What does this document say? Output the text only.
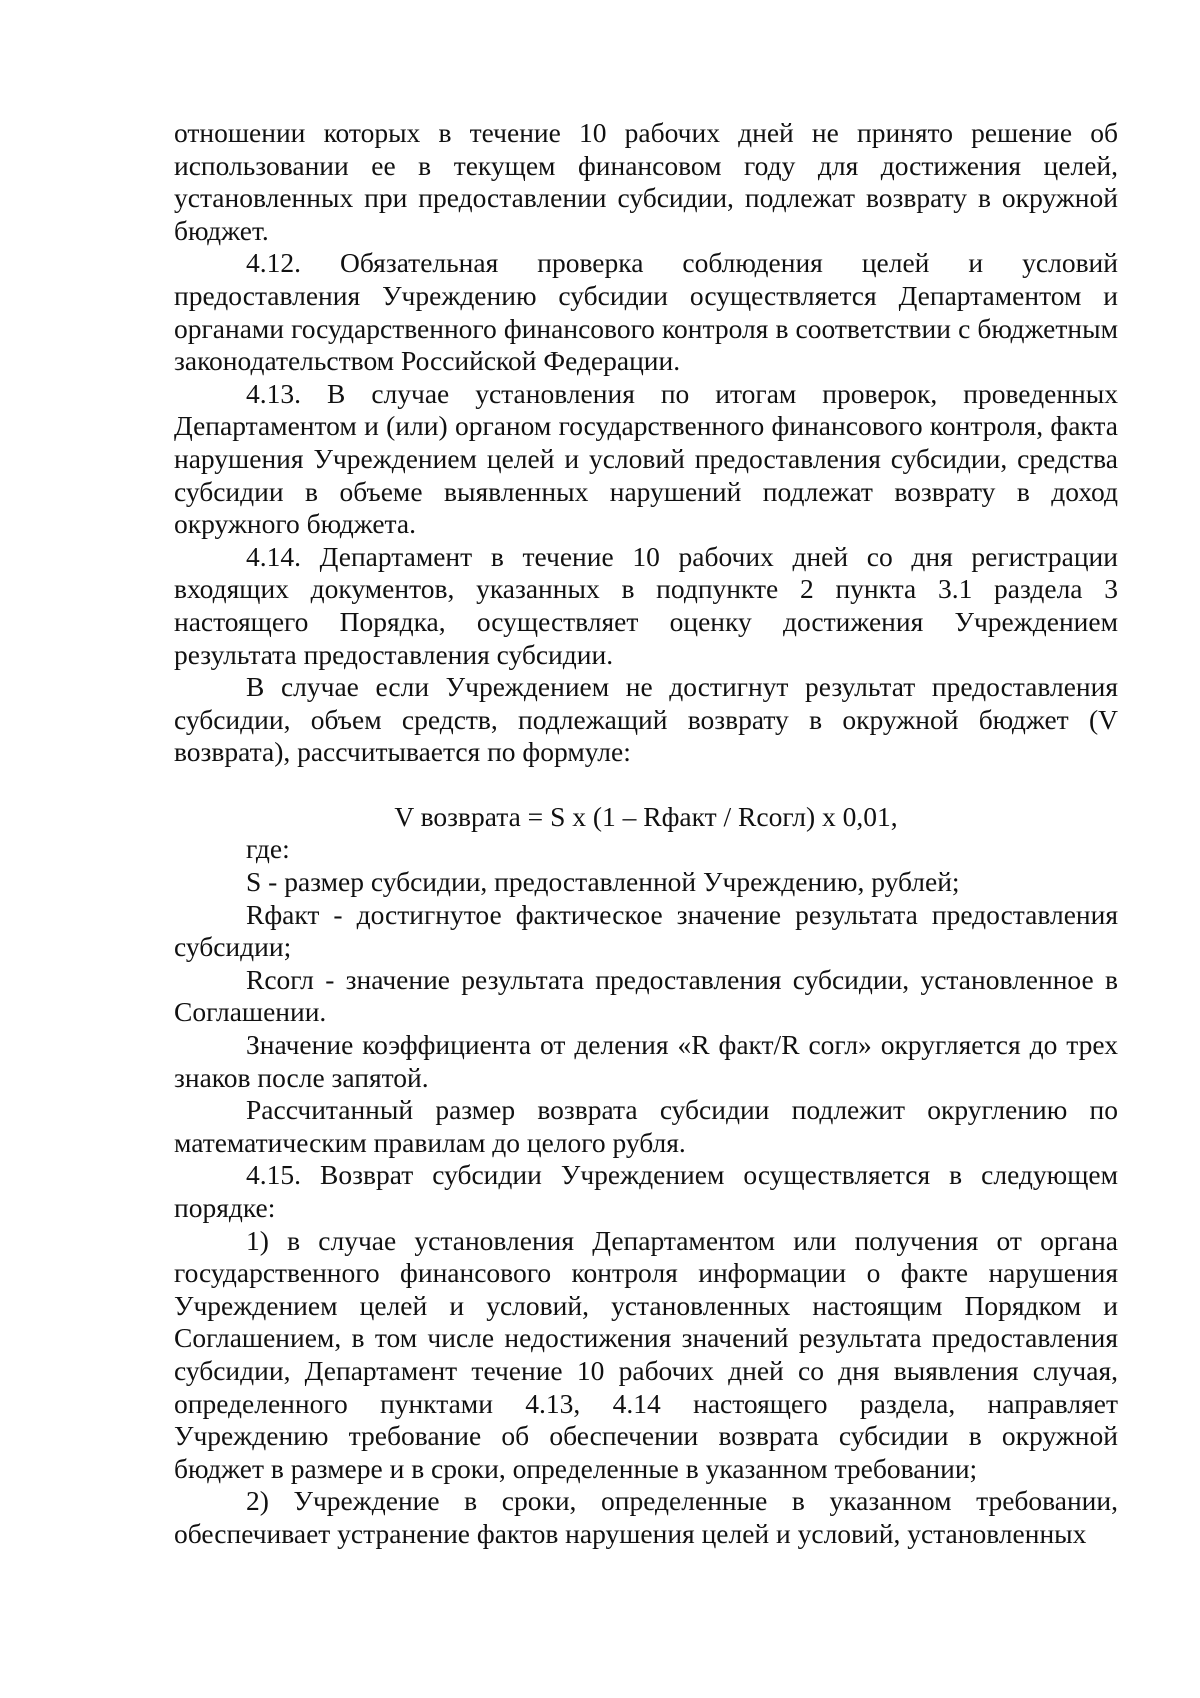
отношении которых в течение 10 рабочих дней не принято решение об использовании ее в текущем финансовом году для достижения целей, установленных при предоставлении субсидии, подлежат возврату в окружной бюджет.

4.12. Обязательная проверка соблюдения целей и условий предоставления Учреждению субсидии осуществляется Департаментом и органами государственного финансового контроля в соответствии с бюджетным законодательством Российской Федерации.

4.13. В случае установления по итогам проверок, проведенных Департаментом и (или) органом государственного финансового контроля, факта нарушения Учреждением целей и условий предоставления субсидии, средства субсидии в объеме выявленных нарушений подлежат возврату в доход окружного бюджета.

4.14. Департамент в течение 10 рабочих дней со дня регистрации входящих документов, указанных в подпункте 2 пункта 3.1 раздела 3 настоящего Порядка, осуществляет оценку достижения Учреждением результата предоставления субсидии.

В случае если Учреждением не достигнут результат предоставления субсидии, объем средств, подлежащий возврату в окружной бюджет (V возврата), рассчитывается по формуле:

V возврата = S x (1 – Rфакт / Rсогл) x 0,01,

где:

S - размер субсидии, предоставленной Учреждению, рублей;

Rфакт - достигнутое фактическое значение результата предоставления субсидии;

Rсогл - значение результата предоставления субсидии, установленное в Соглашении.

Значение коэффициента от деления «R факт/R согл» округляется до трех знаков после запятой.

Рассчитанный размер возврата субсидии подлежит округлению по математическим правилам до целого рубля.

4.15. Возврат субсидии Учреждением осуществляется в следующем порядке:

1) в случае установления Департаментом или получения от органа государственного финансового контроля информации о факте нарушения Учреждением целей и условий, установленных настоящим Порядком и Соглашением, в том числе недостижения значений результата предоставления субсидии, Департамент течение 10 рабочих дней со дня выявления случая, определенного пунктами 4.13, 4.14 настоящего раздела, направляет Учреждению требование об обеспечении возврата субсидии в окружной бюджет в размере и в сроки, определенные в указанном требовании;

2) Учреждение в сроки, определенные в указанном требовании, обеспечивает устранение фактов нарушения целей и условий, установленных
